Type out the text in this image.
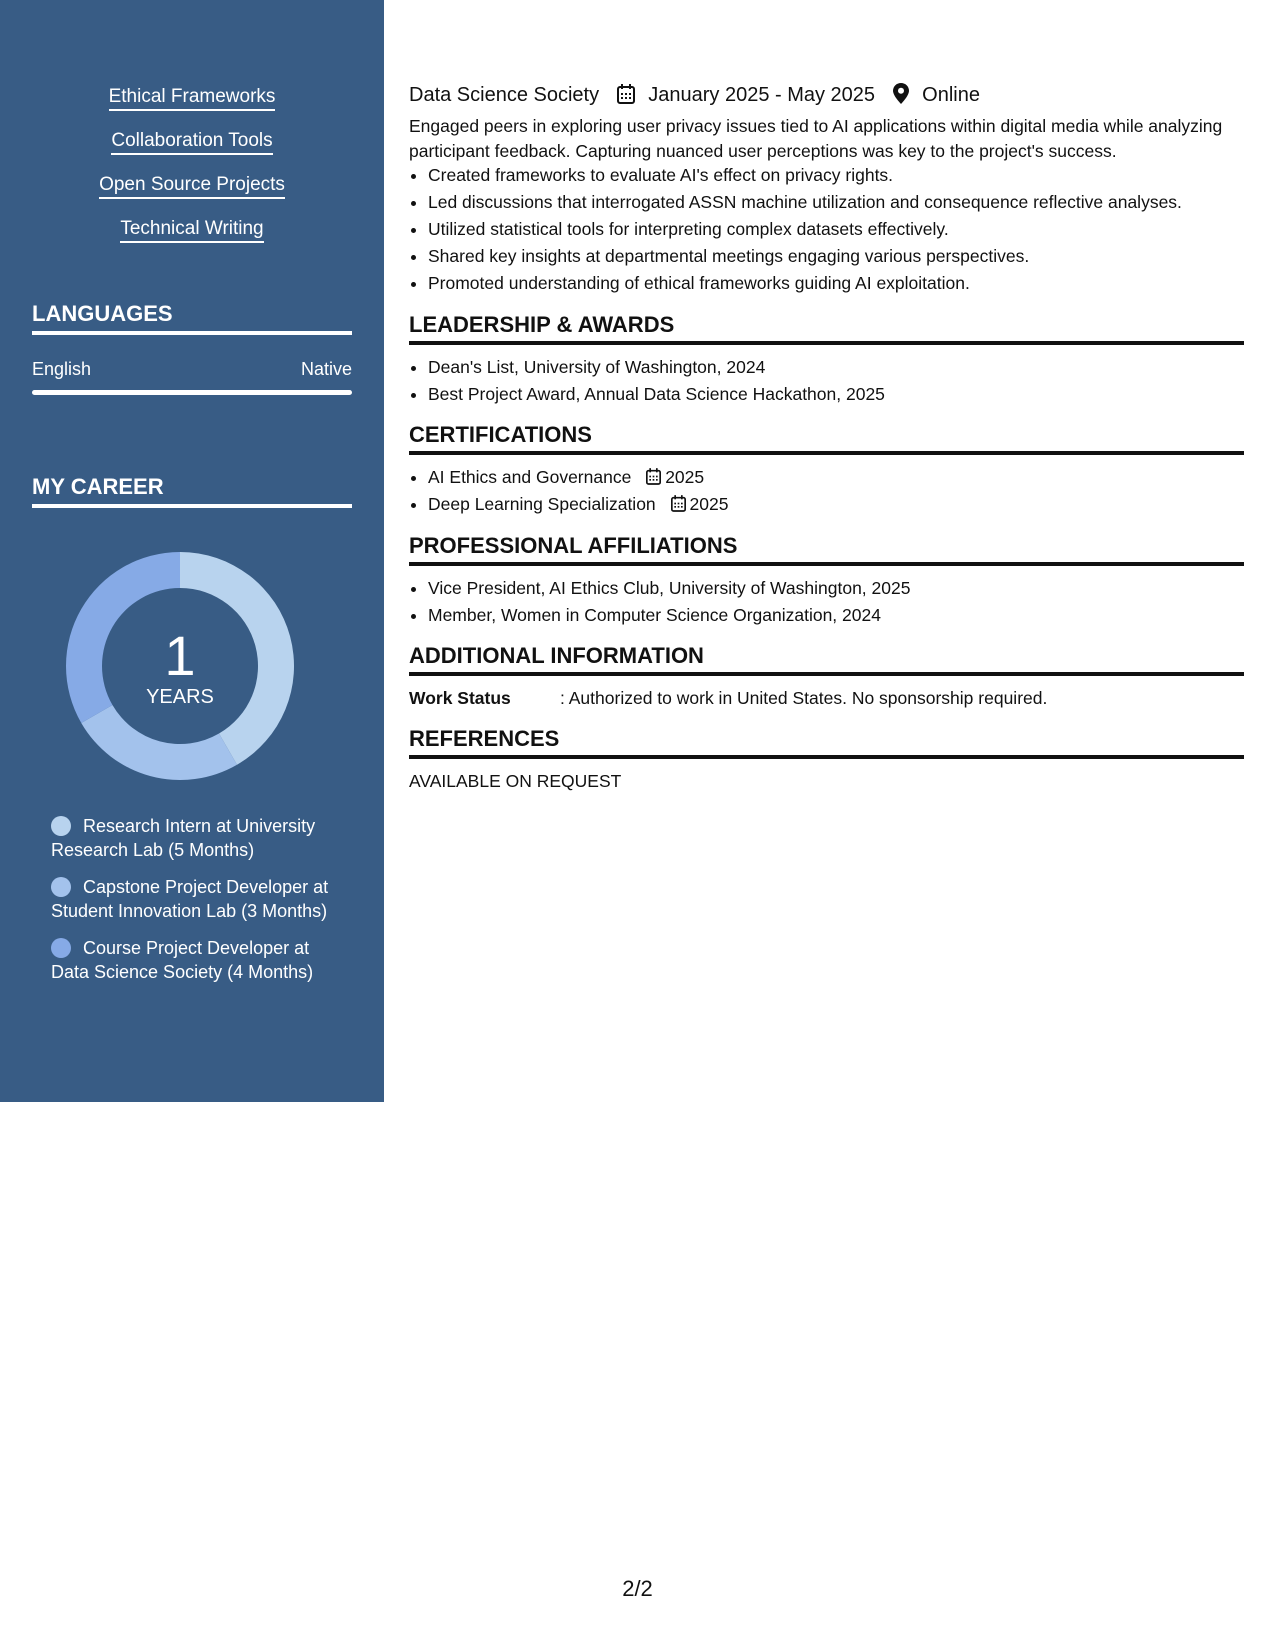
Ethical Frameworks
Collaboration Tools
Open Source Projects
Technical Writing
LANGUAGES
English	Native
MY CAREER
1
YEARS
Research Intern at University Research Lab (5 Months)
Capstone Project Developer at Student Innovation Lab (3 Months)
Course Project Developer at Data Science Society (4 Months)
Data Science Society January 2025 - May 2025 Online
Engaged peers in exploring user privacy issues tied to AI applications within digital media while analyzing participant feedback. Capturing nuanced user perceptions was key to the project's success.
• Created frameworks to evaluate AI's effect on privacy rights.
• Led discussions that interrogated ASSN machine utilization and consequence reflective analyses.
• Utilized statistical tools for interpreting complex datasets effectively.
• Shared key insights at departmental meetings engaging various perspectives.
• Promoted understanding of ethical frameworks guiding AI exploitation.
LEADERSHIP & AWARDS
• Dean's List, University of Washington, 2024
• Best Project Award, Annual Data Science Hackathon, 2025
CERTIFICATIONS
• AI Ethics and Governance 2025
• Deep Learning Specialization 2025
PROFESSIONAL AFFILIATIONS
• Vice President, AI Ethics Club, University of Washington, 2025
• Member, Women in Computer Science Organization, 2024
ADDITIONAL INFORMATION
Work Status	: Authorized to work in United States. No sponsorship required.
REFERENCES
AVAILABLE ON REQUEST
2/2
